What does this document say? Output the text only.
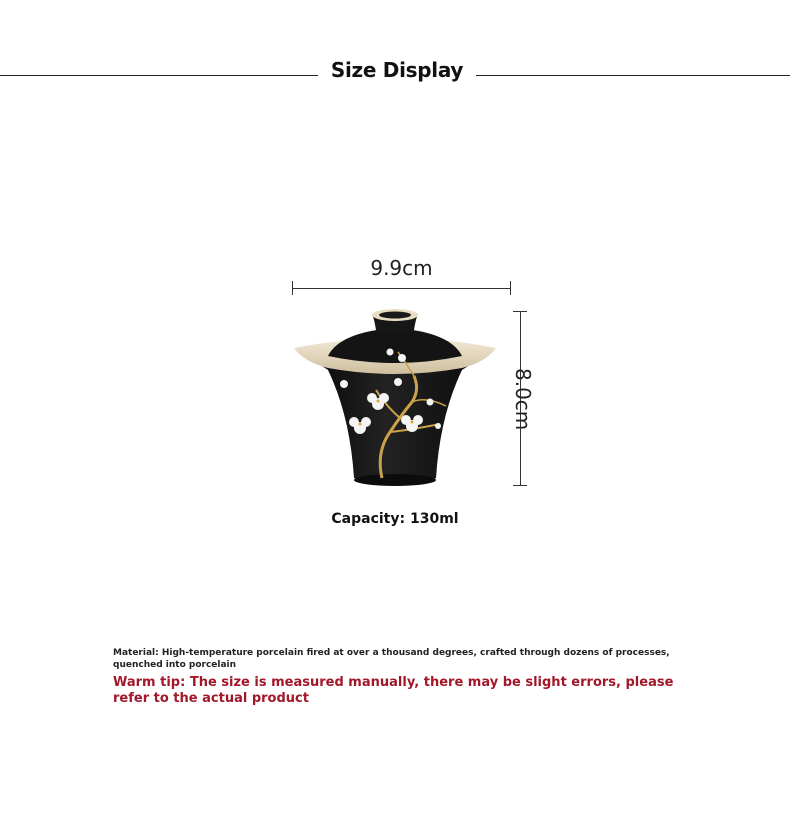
Size Display
9.9cm
8.0cm
Capacity: 130ml
Material: High-temperature porcelain fired at over a thousand degrees, crafted through dozens of processes, quenched into porcelain
Warm tip: The size is measured manually, there may be slight errors, please refer to the actual product
